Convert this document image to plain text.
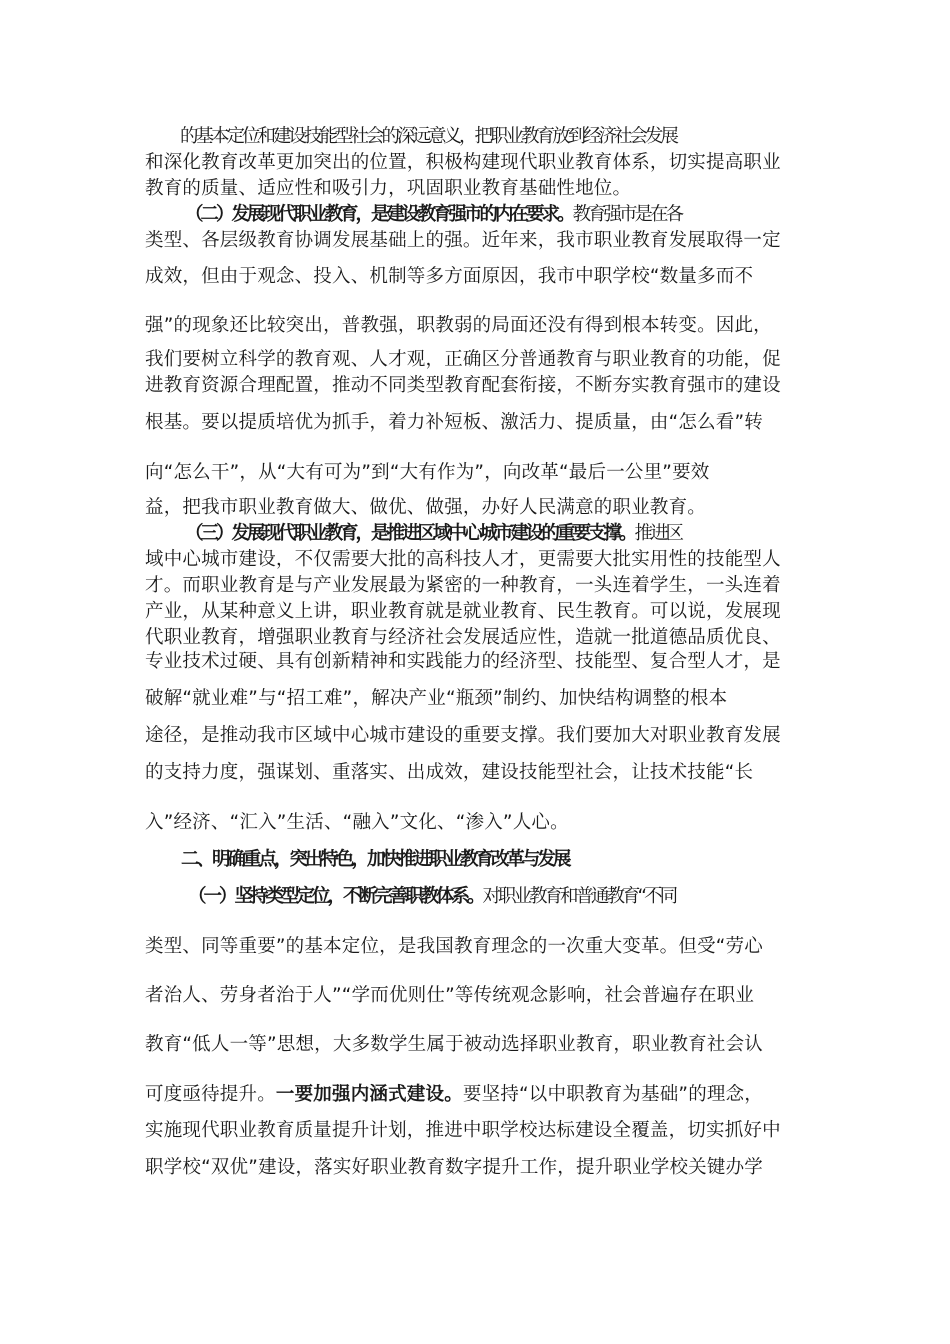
的基本定位和建设技能型社会的深远意义，把职业教育放到经济社会发展
和深化教育改革更加突出的位置，积极构建现代职业教育体系，切实提高职业
教育的质量、适应性和吸引力，巩固职业教育基础性地位。
（二）发展现代职业教育，是建设教育强市的内在要求。教育强市是在各
类型、各层级教育协调发展基础上的强。近年来，我市职业教育发展取得一定
成效，但由于观念、投入、机制等多方面原因，我市中职学校“数量多而不
强”的现象还比较突出，普教强，职教弱的局面还没有得到根本转变。因此，
我们要树立科学的教育观、人才观，正确区分普通教育与职业教育的功能，促
进教育资源合理配置，推动不同类型教育配套衔接，不断夯实教育强市的建设
根基。要以提质培优为抓手，着力补短板、激活力、提质量，由“怎么看”转
向“怎么干”，从“大有可为”到“大有作为”，向改革“最后一公里”要效
益，把我市职业教育做大、做优、做强，办好人民满意的职业教育。
（三）发展现代职业教育，是推进区域中心城市建设的重要支撑。推进区
域中心城市建设，不仅需要大批的高科技人才，更需要大批实用性的技能型人
才。而职业教育是与产业发展最为紧密的一种教育，一头连着学生，一头连着
产业，从某种意义上讲，职业教育就是就业教育、民生教育。可以说，发展现
代职业教育，增强职业教育与经济社会发展适应性，造就一批道德品质优良、
专业技术过硬、具有创新精神和实践能力的经济型、技能型、复合型人才，是
破解“就业难”与“招工难”，解决产业“瓶颈”制约、加快结构调整的根本
途径，是推动我市区域中心城市建设的重要支撑。我们要加大对职业教育发展
的支持力度，强谋划、重落实、出成效，建设技能型社会，让技术技能“长
入”经济、“汇入”生活、“融入”文化、“渗入”人心。
二、明确重点，突出特色，加快推进职业教育改革与发展
（一）坚持类型定位，不断完善职教体系。对职业教育和普通教育“不同
类型、同等重要”的基本定位，是我国教育理念的一次重大变革。但受“劳心
者治人、劳身者治于人”“学而优则仕”等传统观念影响，社会普遍存在职业
教育“低人一等”思想，大多数学生属于被动选择职业教育，职业教育社会认
可度亟待提升。一要加强内涵式建设。要坚持“以中职教育为基础”的理念，
实施现代职业教育质量提升计划，推进中职学校达标建设全覆盖，切实抓好中
职学校“双优”建设，落实好职业教育数字提升工作，提升职业学校关键办学
